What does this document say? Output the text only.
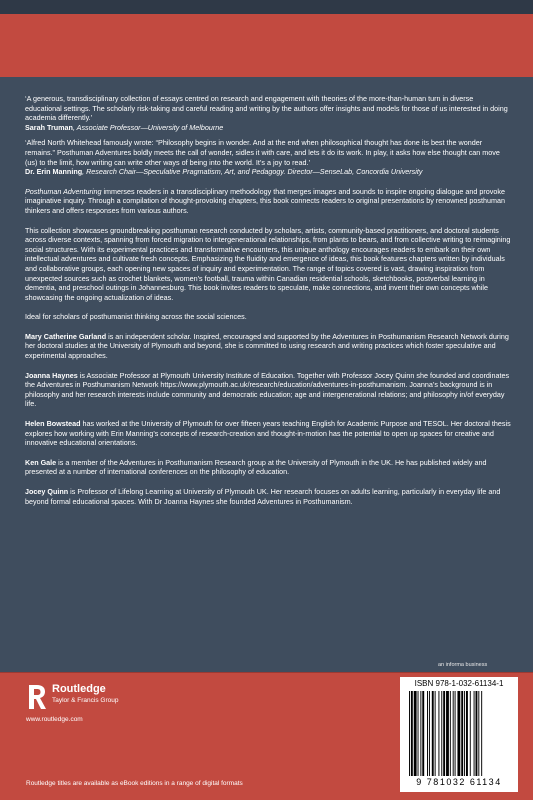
‘A generous, transdisciplinary collection of essays centred on research and engagement with theories of the more-than-human turn in diverse educational settings. The scholarly risk-taking and careful reading and writing by the authors offer insights and models for those of us interested in doing academia differently.’
Sarah Truman, Associate Professor—University of Melbourne

‘Alfred North Whitehead famously wrote: “Philosophy begins in wonder. And at the end when philosophical thought has done its best the wonder remains.” Posthuman Adventures boldly meets the call of wonder, sidles it with care, and lets it do its work. In play, it asks how else thought can move (us) to the limit, how writing can write other ways of being into the world. It’s a joy to read.’
Dr. Erin Manning, Research Chair—Speculative Pragmatism, Art, and Pedagogy. Director—SenseLab, Concordia University

Posthuman Adventuring immerses readers in a transdisciplinary methodology that merges images and sounds to inspire ongoing dialogue and provoke imaginative inquiry. Through a compilation of thought-provoking chapters, this book connects readers to original presentations by renowned posthuman thinkers and offers responses from various authors.

This collection showcases groundbreaking posthuman research conducted by scholars, artists, community-based practitioners, and doctoral students across diverse contexts, spanning from forced migration to intergenerational relationships, from plants to bears, and from collective writing to reimagining social structures. With its experimental practices and transformative encounters, this unique anthology encourages readers to embark on their own intellectual adventures and cultivate fresh concepts. Emphasizing the fluidity and emergence of ideas, this book features chapters written by individuals and collaborative groups, each opening new spaces of inquiry and experimentation. The range of topics covered is vast, drawing inspiration from unexpected sources such as crochet blankets, women’s football, trauma within Canadian residential schools, sketchbooks, postverbal learning in dementia, and preschool outings in Johannesburg. This book invites readers to speculate, make connections, and invent their own concepts while showcasing the ongoing actualization of ideas.

Ideal for scholars of posthumanist thinking across the social sciences.

Mary Catherine Garland is an independent scholar. Inspired, encouraged and supported by the Adventures in Posthumanism Research Network during her doctoral studies at the University of Plymouth and beyond, she is committed to using research and writing practices which foster speculative and experimental approaches.

Joanna Haynes is Associate Professor at Plymouth University Institute of Education. Together with Professor Jocey Quinn she founded and coordinates the Adventures in Posthumanism Network https://www.plymouth.ac.uk/research/education/adventures-in-posthumanism. Joanna’s background is in philosophy and her research interests include community and democratic education; age and intergenerational relations; and philosophy in/of everyday life.

Helen Bowstead has worked at the University of Plymouth for over fifteen years teaching English for Academic Purpose and TESOL. Her doctoral thesis explores how working with Erin Manning’s concepts of research-creation and thought-in-motion has the potential to open up spaces for creative and innovative educational orientations.

Ken Gale is a member of the Adventures in Posthumanism Research group at the University of Plymouth in the UK. He has published widely and presented at a number of international conferences on the philosophy of education.

Jocey Quinn is Professor of Lifelong Learning at University of Plymouth UK. Her research focuses on adults learning, particularly in everyday life and beyond formal educational spaces. With Dr Joanna Haynes she founded Adventures in Posthumanism.

an informa business
Routledge
Taylor & Francis Group
www.routledge.com
Routledge titles are available as eBook editions in a range of digital formats
ISBN 978-1-032-61134-1
9 781032 61134
